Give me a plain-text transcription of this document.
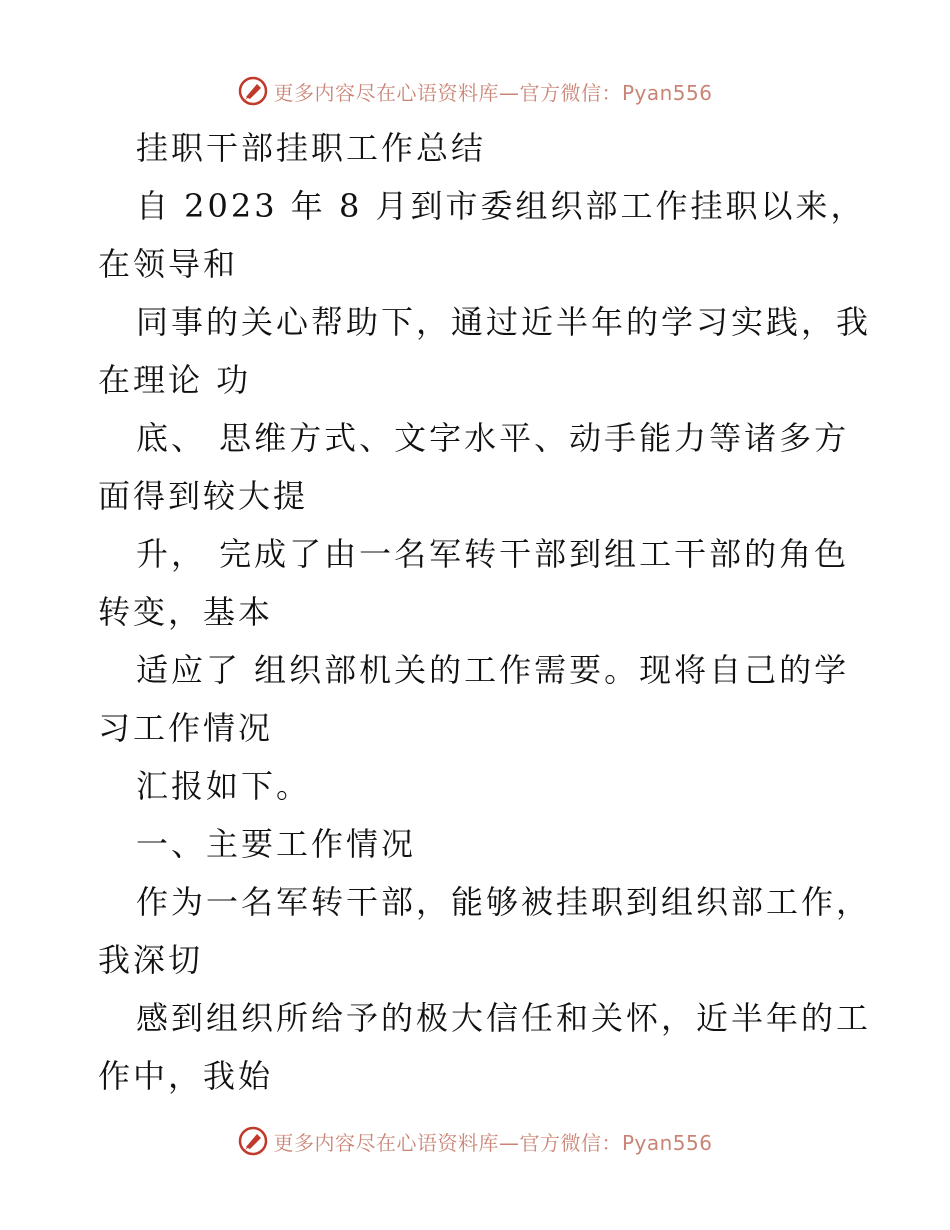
更多内容尽在心语资料库—官方微信：Pyan556
挂职干部挂职工作总结
自 2023 年 8 月到市委组织部工作挂职以来，
在领导和
同事的关心帮助下，通过近半年的学习实践，我
在理论 功
底、 思维方式、文字水平、动手能力等诸多方
面得到较大提
升， 完成了由一名军转干部到组工干部的角色
转变，基本
适应了 组织部机关的工作需要。现将自己的学
习工作情况
汇报如下。
一、主要工作情况
作为一名军转干部，能够被挂职到组织部工作，
我深切
感到组织所给予的极大信任和关怀，近半年的工
作中，我始
更多内容尽在心语资料库—官方微信：Pyan556
